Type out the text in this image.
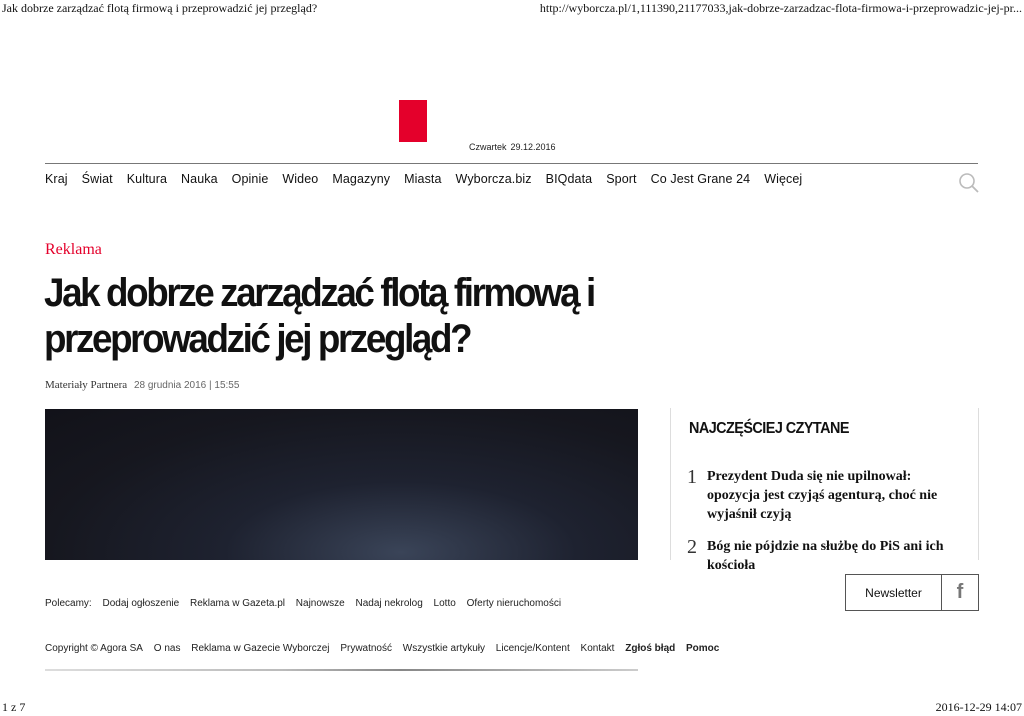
Jak dobrze zarządzać flotą firmową i przeprowadzić jej przegląd?	http://wyborcza.pl/1,111390,21177033,jak-dobrze-zarzadzac-flota-firmowa-i-przeprowadzic-jej-pr...
Czwartek 29.12.2016
Kraj Świat Kultura Nauka Opinie Wideo Magazyny Miasta Wyborcza.biz BIQdata Sport Co Jest Grane 24 Więcej
Reklama
Jak dobrze zarządzać flotą firmową i przeprowadzić jej przegląd?
Materiały Partnera 28 grudnia 2016 | 15:55
NAJCZĘŚCIEJ CZYTANE
1 Prezydent Duda się nie upilnował: opozycja jest czyjąś agenturą, choć nie wyjaśnił czyją
2 Bóg nie pójdzie na służbę do PiS ani ich kościoła
Newsletter	f
Polecamy: Dodaj ogłoszenie Reklama w Gazeta.pl Najnowsze Nadaj nekrolog Lotto Oferty nieruchomości
Copyright © Agora SA O nas Reklama w Gazecie Wyborczej Prywatność Wszystkie artykuły Licencje/Kontent Kontakt Zgłoś błąd Pomoc
1 z 7	2016-12-29 14:07
